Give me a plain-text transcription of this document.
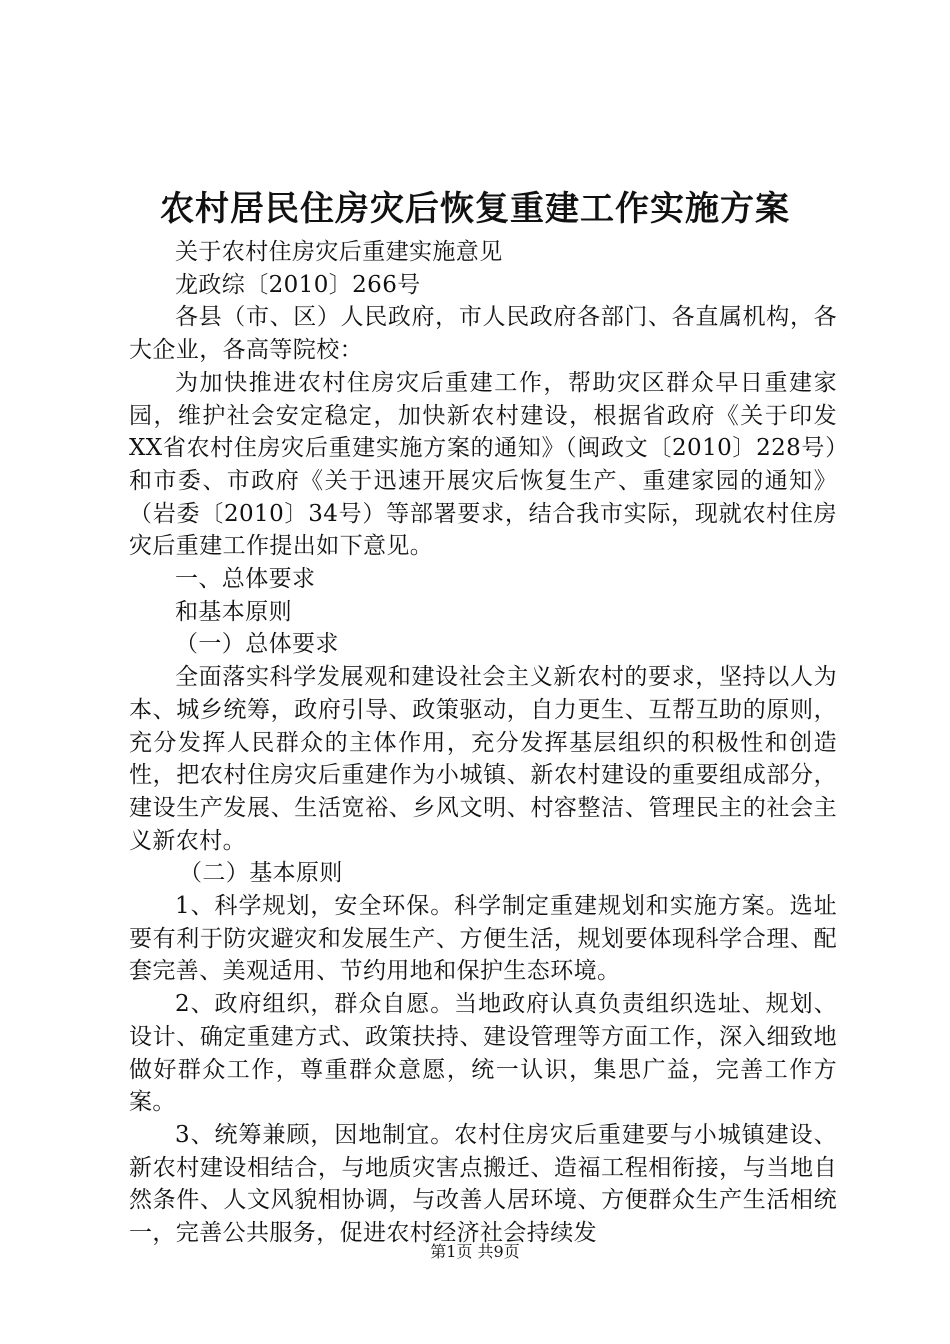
农村居民住房灾后恢复重建工作实施方案

关于农村住房灾后重建实施意见

龙政综〔2010〕266号

各县（市、区）人民政府，市人民政府各部门、各直属机构，各大企业，各高等院校：

为加快推进农村住房灾后重建工作，帮助灾区群众早日重建家园，维护社会安定稳定，加快新农村建设，根据省政府《关于印发XX省农村住房灾后重建实施方案的通知》（闽政文〔2010〕228号）和市委、市政府《关于迅速开展灾后恢复生产、重建家园的通知》（岩委〔2010〕34号）等部署要求，结合我市实际，现就农村住房灾后重建工作提出如下意见。

一、总体要求

和基本原则

（一）总体要求

全面落实科学发展观和建设社会主义新农村的要求，坚持以人为本、城乡统筹，政府引导、政策驱动，自力更生、互帮互助的原则，充分发挥人民群众的主体作用，充分发挥基层组织的积极性和创造性，把农村住房灾后重建作为小城镇、新农村建设的重要组成部分，建设生产发展、生活宽裕、乡风文明、村容整洁、管理民主的社会主义新农村。

（二）基本原则

1、科学规划，安全环保。科学制定重建规划和实施方案。选址要有利于防灾避灾和发展生产、方便生活，规划要体现科学合理、配套完善、美观适用、节约用地和保护生态环境。

2、政府组织，群众自愿。当地政府认真负责组织选址、规划、设计、确定重建方式、政策扶持、建设管理等方面工作，深入细致地做好群众工作，尊重群众意愿，统一认识，集思广益，完善工作方案。

3、统筹兼顾，因地制宜。农村住房灾后重建要与小城镇建设、新农村建设相结合，与地质灾害点搬迁、造福工程相衔接，与当地自然条件、人文风貌相协调，与改善人居环境、方便群众生产生活相统一，完善公共服务，促进农村经济社会持续发

第1页 共9页
